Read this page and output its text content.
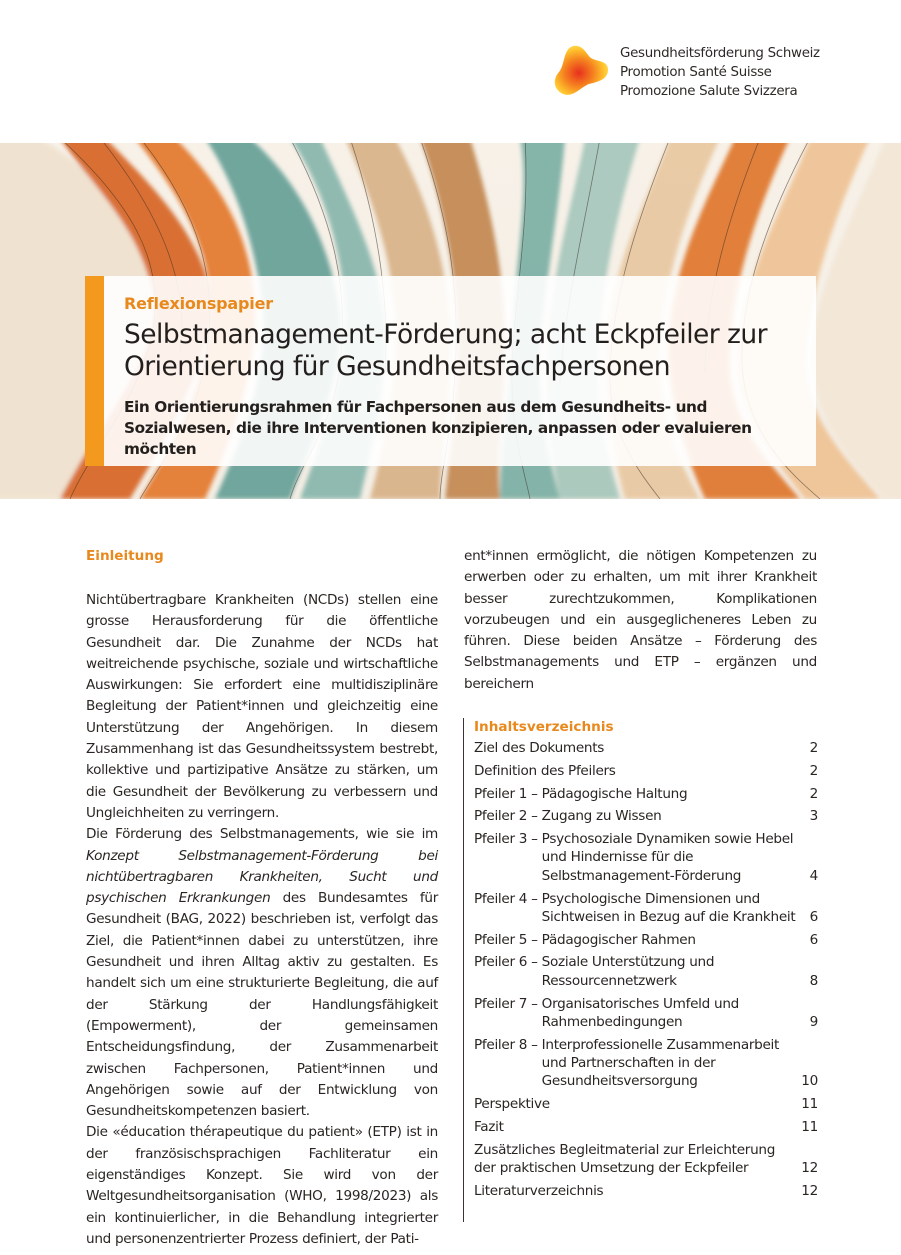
Gesundheitsförderung Schweiz
Promotion Santé Suisse
Promozione Salute Svizzera
Reflexionspapier
Selbstmanagement-Förderung; acht Eckpfeiler zur Orientierung für Gesundheitsfachpersonen
Ein Orientierungsrahmen für Fachpersonen aus dem Gesundheits- und Sozialwesen, die ihre Interventionen konzipieren, anpassen oder evaluieren möchten
Einleitung

Nichtübertragbare Krankheiten (NCDs) stellen eine grosse Herausforderung für die öffentliche Gesundheit dar. Die Zunahme der NCDs hat weitreichende psychische, soziale und wirtschaftliche Auswirkungen: Sie erfordert eine multidisziplinäre Begleitung der Patient*innen und gleichzeitig eine Unterstützung der Angehörigen. In diesem Zusammenhang ist das Gesundheitssystem bestrebt, kollektive und partizipative Ansätze zu stärken, um die Gesundheit der Bevölkerung zu verbessern und Ungleichheiten zu verringern.

Die Förderung des Selbstmanagements, wie sie im Konzept Selbstmanagement-Förderung bei nichtübertragbaren Krankheiten, Sucht und psychischen Erkrankungen des Bundesamtes für Gesundheit (BAG, 2022) beschrieben ist, verfolgt das Ziel, die Patient*innen dabei zu unterstützen, ihre Gesundheit und ihren Alltag aktiv zu gestalten. Es handelt sich um eine strukturierte Begleitung, die auf der Stärkung der Handlungsfähigkeit (Empowerment), der gemeinsamen Entscheidungsfindung, der Zusammenarbeit zwischen Fachpersonen, Patient*innen und Angehörigen sowie auf der Entwicklung von Gesundheitskompetenzen basiert.

Die «éducation thérapeutique du patient» (ETP) ist in der französischsprachigen Fachliteratur ein eigenständiges Konzept. Sie wird von der Weltgesundheitsorganisation (WHO, 1998/2023) als ein kontinuierlicher, in die Behandlung integrierter und personenzentrierter Prozess definiert, der Pati-

ent*innen ermöglicht, die nötigen Kompetenzen zu erwerben oder zu erhalten, um mit ihrer Krankheit besser zurechtzukommen, Komplikationen vorzubeugen und ein ausgeglicheneres Leben zu führen. Diese beiden Ansätze – Förderung des Selbstmanagements und ETP – ergänzen und bereichern

Inhaltsverzeichnis
Ziel des Dokuments	2
Definition des Pfeilers	2
Pfeiler 1 – Pädagogische Haltung	2
Pfeiler 2 – Zugang zu Wissen	3
Pfeiler 3 – Psychosoziale Dynamiken sowie Hebel und Hindernisse für die Selbstmanagement-Förderung	4
Pfeiler 4 – Psychologische Dimensionen und Sichtweisen in Bezug auf die Krankheit	6
Pfeiler 5 – Pädagogischer Rahmen	6
Pfeiler 6 – Soziale Unterstützung und Ressourcennetzwerk	8
Pfeiler 7 – Organisatorisches Umfeld und Rahmenbedingungen	9
Pfeiler 8 – Interprofessionelle Zusammenarbeit und Partnerschaften in der Gesundheitsversorgung	10
Perspektive	11
Fazit	11
Zusätzliches Begleitmaterial zur Erleichterung der praktischen Umsetzung der Eckpfeiler	12
Literaturverzeichnis	12
